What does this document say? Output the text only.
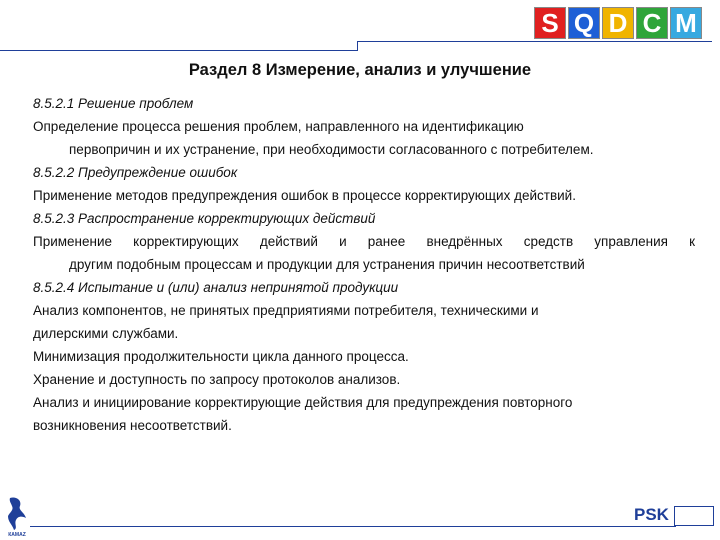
S Q D C M
Раздел 8 Измерение, анализ и улучшение

8.5.2.1 Решение проблем

Определение процесса решения проблем, направленного на идентификацию

первопричин и их устранение, при необходимости согласованного с потребителем.

8.5.2.2 Предупреждение ошибок

Применение методов предупреждения ошибок в процессе корректирующих действий.

8.5.2.3 Распространение корректирующих действий

Применение корректирующих действий и ранее внедрённых средств управления к

другим подобным процессам и продукции для устранения причин несоответствий

8.5.2.4 Испытание и (или) анализ непринятой продукции

Анализ компонентов, не принятых предприятиями потребителя, техническими и

дилерскими службами.

Минимизация продолжительности цикла данного процесса.

Хранение и доступность по запросу протоколов анализов.

Анализ и инициирование корректирующие действия для предупреждения повторного

возникновения несоответствий.

КАМАZ
PSK
